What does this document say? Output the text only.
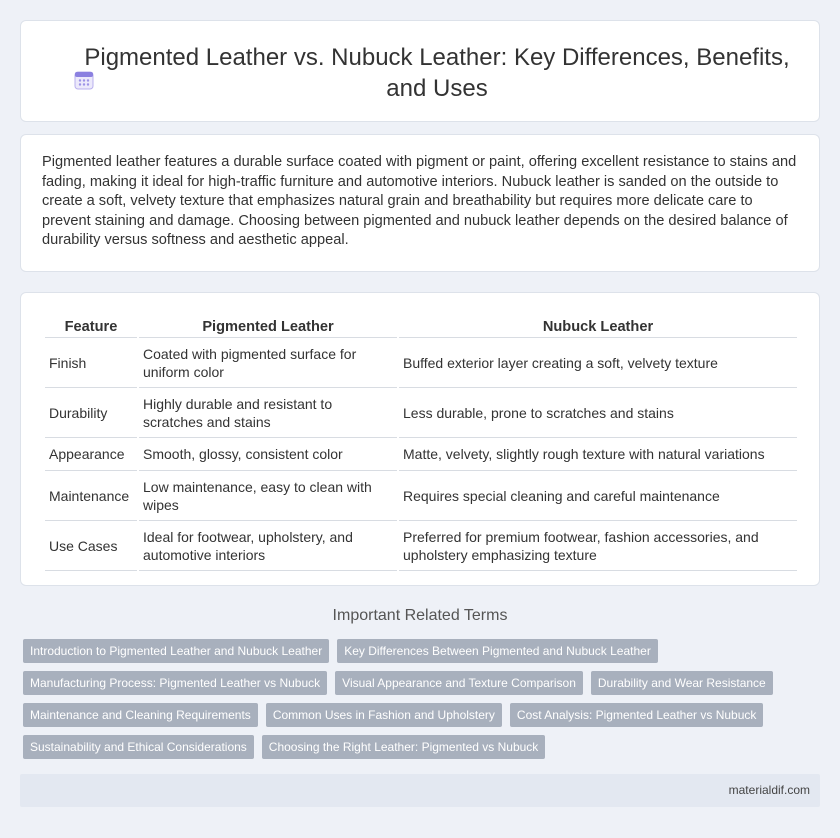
Pigmented Leather vs. Nubuck Leather: Key Differences, Benefits, and Uses

Pigmented leather features a durable surface coated with pigment or paint, offering excellent resistance to stains and fading, making it ideal for high-traffic furniture and automotive interiors. Nubuck leather is sanded on the outside to create a soft, velvety texture that emphasizes natural grain and breathability but requires more delicate care to prevent staining and damage. Choosing between pigmented and nubuck leather depends on the desired balance of durability versus softness and aesthetic appeal.

Feature	Pigmented Leather	Nubuck Leather
Finish	Coated with pigmented surface for uniform color	Buffed exterior layer creating a soft, velvety texture
Durability	Highly durable and resistant to scratches and stains	Less durable, prone to scratches and stains
Appearance	Smooth, glossy, consistent color	Matte, velvety, slightly rough texture with natural variations
Maintenance	Low maintenance, easy to clean with wipes	Requires special cleaning and careful maintenance
Use Cases	Ideal for footwear, upholstery, and automotive interiors	Preferred for premium footwear, fashion accessories, and upholstery emphasizing texture
Important Related Terms
Introduction to Pigmented Leather and Nubuck Leather	Key Differences Between Pigmented and Nubuck Leather
Manufacturing Process: Pigmented Leather vs Nubuck	Visual Appearance and Texture Comparison	Durability and Wear Resistance
Maintenance and Cleaning Requirements	Common Uses in Fashion and Upholstery	Cost Analysis: Pigmented Leather vs Nubuck
Sustainability and Ethical Considerations	Choosing the Right Leather: Pigmented vs Nubuck
materialdif.com
